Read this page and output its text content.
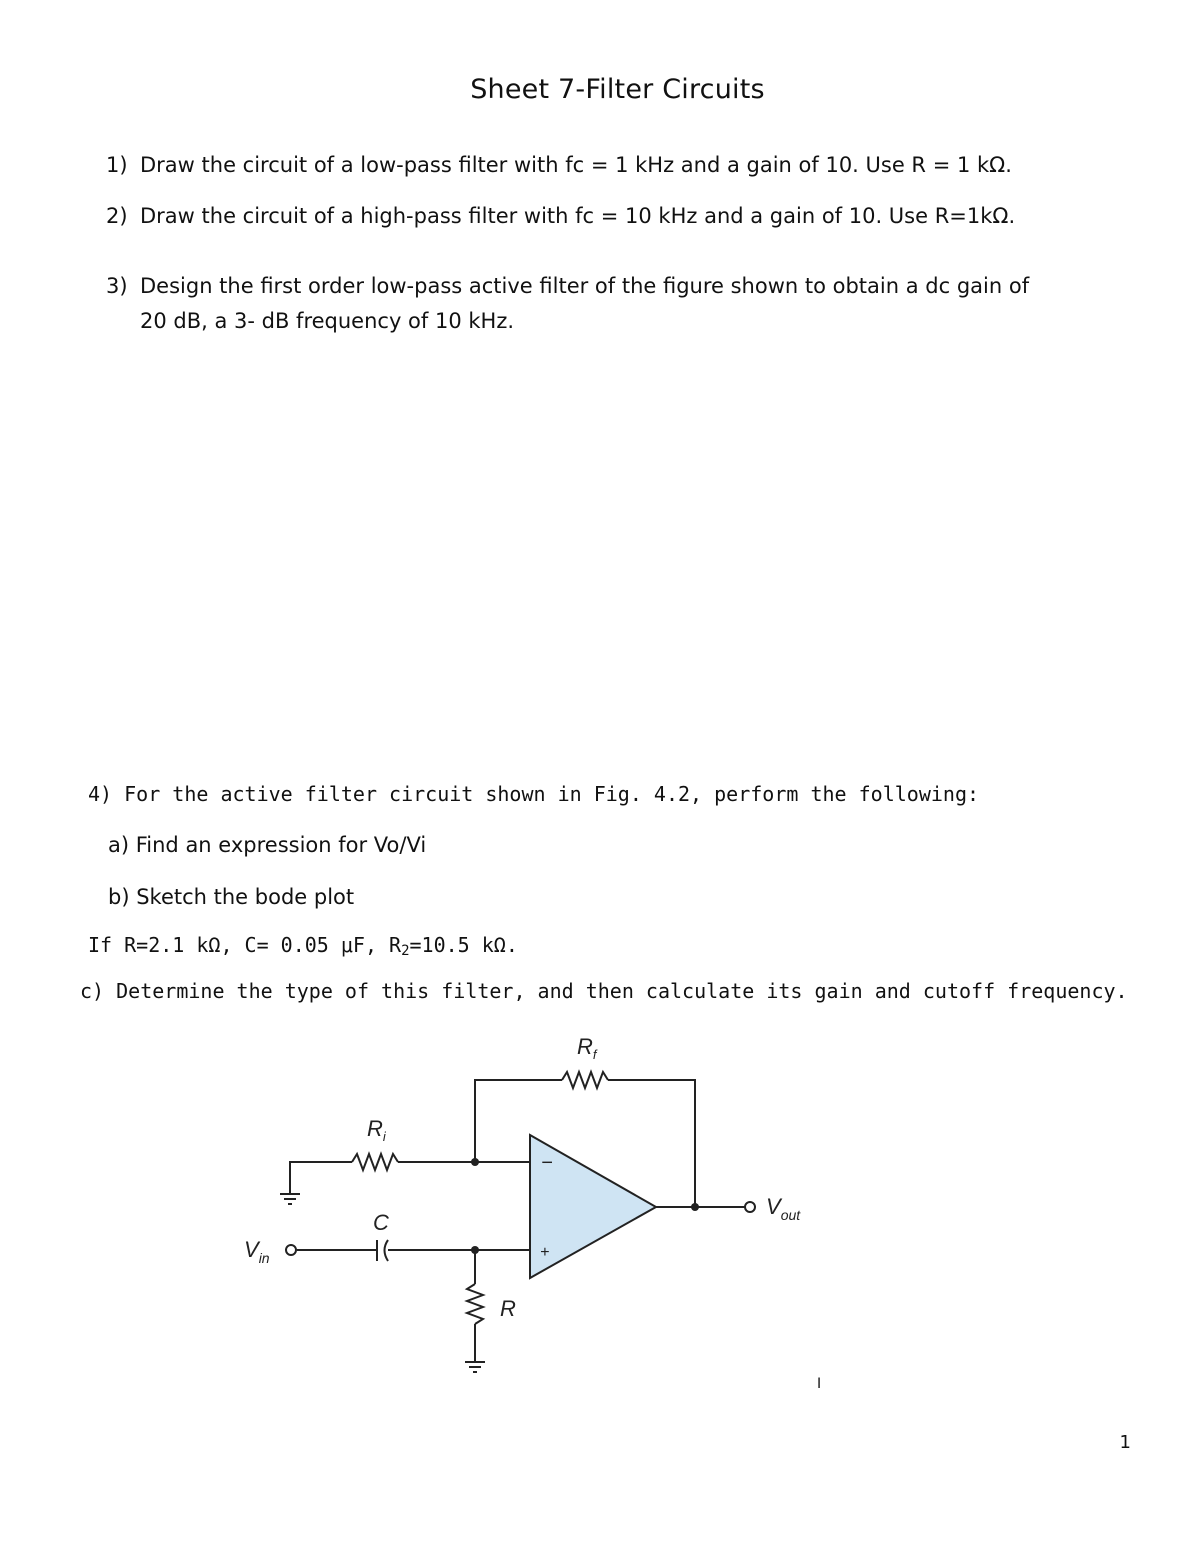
Sheet 7-Filter Circuits
1) Draw the circuit of a low-pass filter with fc = 1 kHz and a gain of 10. Use R = 1 kΩ.
2) Draw the circuit of a high-pass filter with fc = 10 kHz and a gain of 10. Use R=1kΩ.
3) Design the first order low-pass active filter of the figure shown to obtain a dc gain of
20 dB, a 3- dB frequency of 10 kHz.
4) For the active filter circuit shown in Fig. 4.2, perform the following:
a) Find an expression for Vo/Vi
b) Sketch the bode plot
If R=2.1 kΩ, C= 0.05 μF, $R_2=10.5$ kΩ.
c) Determine the type of this filter, and then calculate its gain and cutoff frequency.
$R_f$
$R_i$
C
R
$V_{in}$
$V_{out}$
−
+
I
1
